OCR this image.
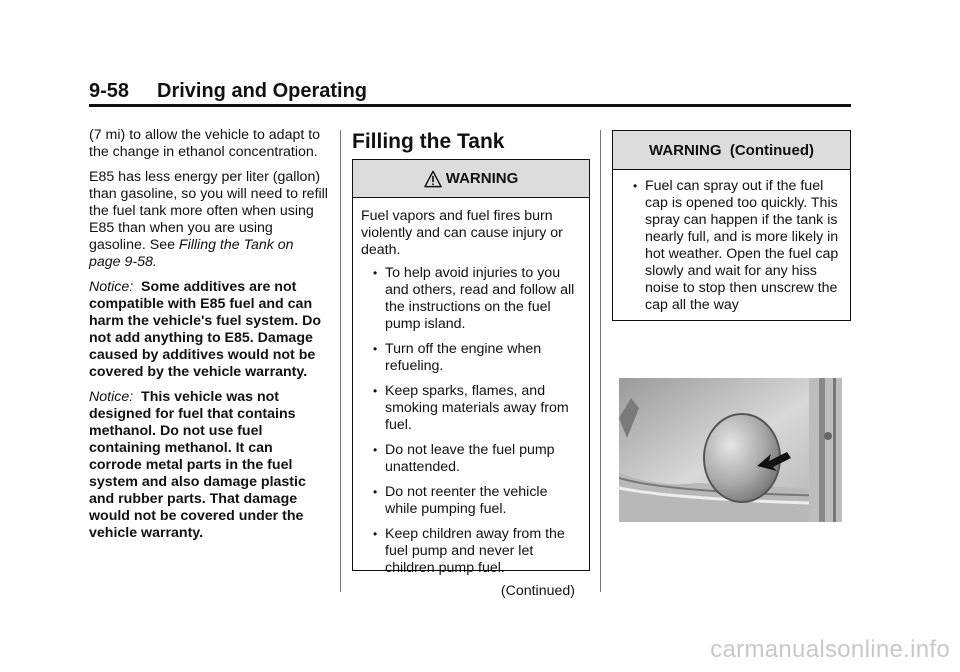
9-58 Driving and Operating

(7 mi) to allow the vehicle to adapt to the change in ethanol concentration.

E85 has less energy per liter (gallon) than gasoline, so you will need to refill the fuel tank more often when using E85 than when you are using gasoline. See Filling the Tank on page 9-58.

Notice: Some additives are not compatible with E85 fuel and can harm the vehicle's fuel system. Do not add anything to E85. Damage caused by additives would not be covered by the vehicle warranty.

Notice: This vehicle was not designed for fuel that contains methanol. Do not use fuel containing methanol. It can corrode metal parts in the fuel system and also damage plastic and rubber parts. That damage would not be covered under the vehicle warranty.

Filling the Tank
WARNING

Fuel vapors and fuel fires burn violently and can cause injury or death.

• To help avoid injuries to you and others, read and follow all the instructions on the fuel pump island.
• Turn off the engine when refueling.
• Keep sparks, flames, and smoking materials away from fuel.
• Do not leave the fuel pump unattended.
• Do not reenter the vehicle while pumping fuel.
• Keep children away from the fuel pump and never let children pump fuel.
(Continued)
WARNING  (Continued)
• Fuel can spray out if the fuel cap is opened too quickly. This spray can happen if the tank is nearly full, and is more likely in hot weather. Open the fuel cap slowly and wait for any hiss noise to stop then unscrew the cap all the way
carmanualsonline.info
